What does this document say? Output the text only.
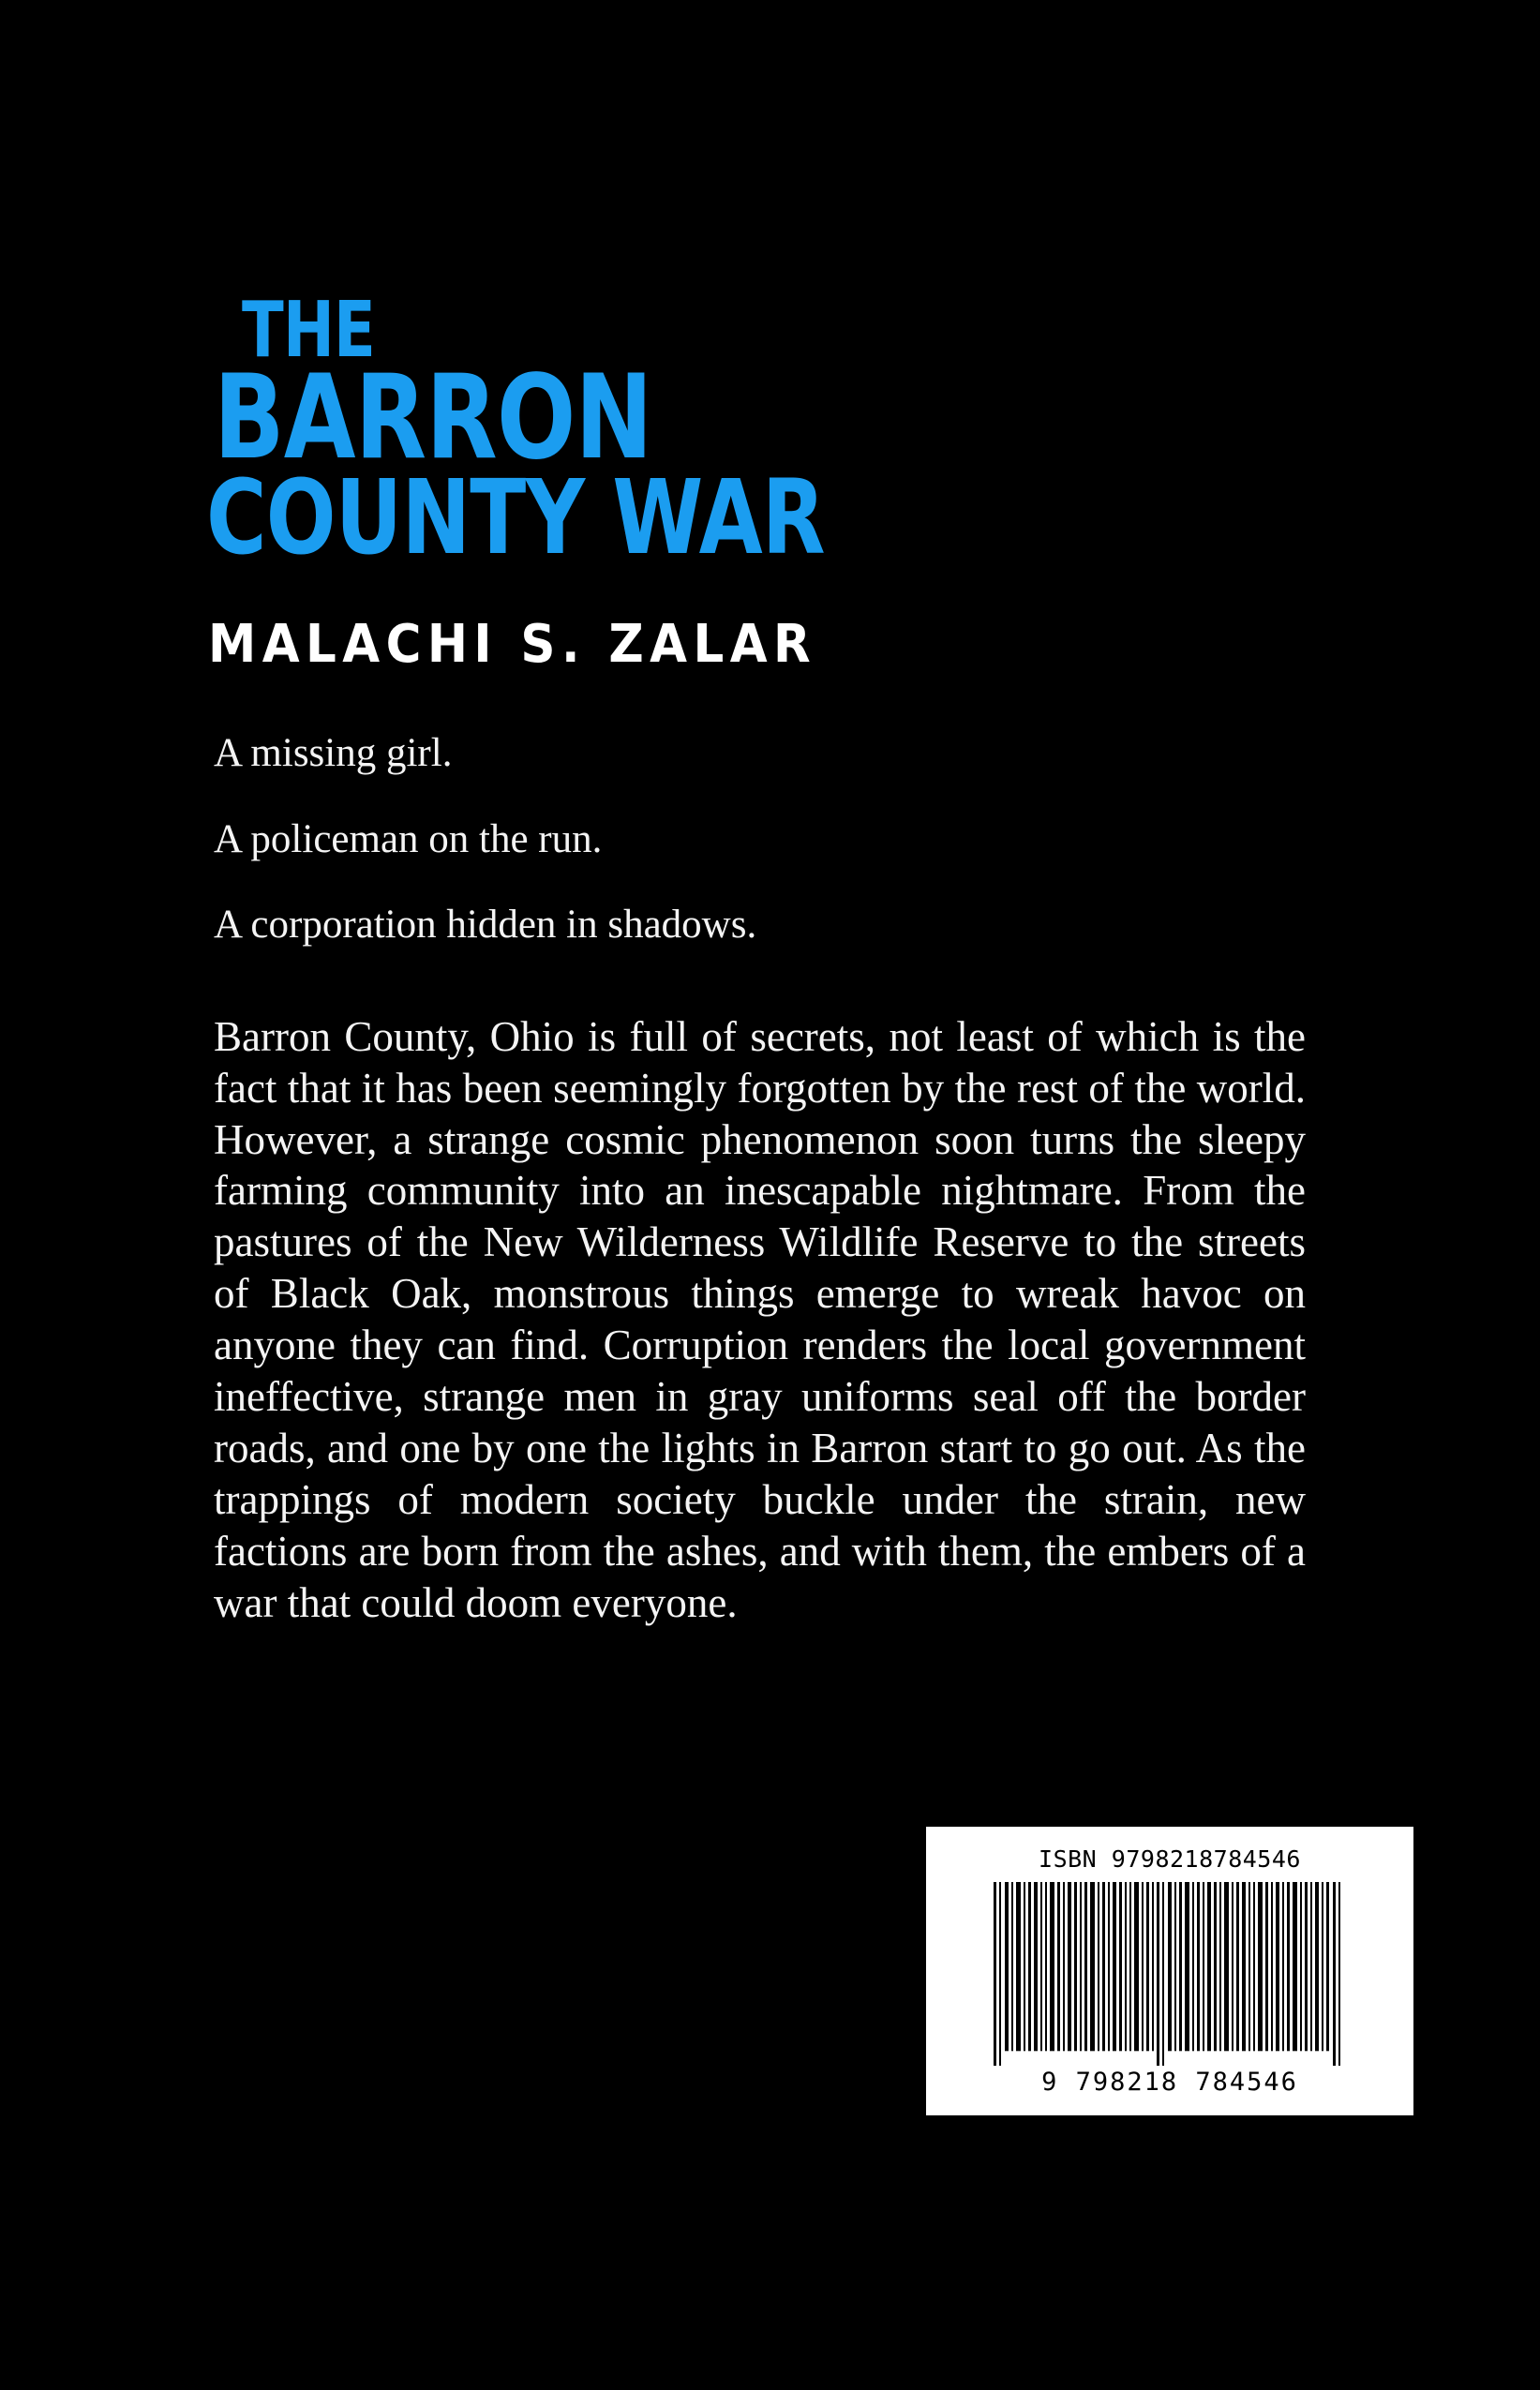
THE
BARRON
COUNTY WAR
MALACHI S. ZALAR
A missing girl.
A policeman on the run.
A corporation hidden in shadows.
Barron County, Ohio is full of secrets, not least of which is the fact that it has been seemingly forgotten by the rest of the world. However, a strange cosmic phenomenon soon turns the sleepy farming community into an inescapable nightmare. From the pastures of the New Wilderness Wildlife Reserve to the streets of Black Oak, monstrous things emerge to wreak havoc on anyone they can find. Corruption renders the local government ineffective, strange men in gray uniforms seal off the border roads, and one by one the lights in Barron start to go out. As the trappings of modern society buckle under the strain, new factions are born from the ashes, and with them, the embers of a war that could doom everyone.
ISBN 9798218784546
9 798218 784546
